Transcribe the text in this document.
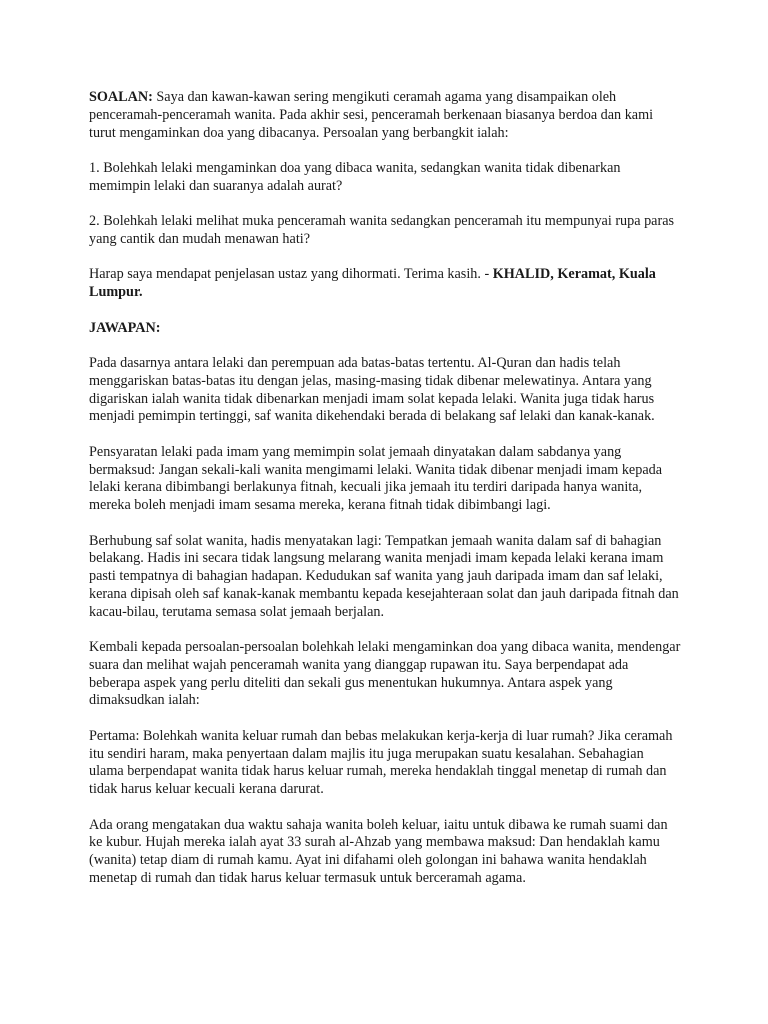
SOALAN: Saya dan kawan-kawan sering mengikuti ceramah agama yang disampaikan oleh penceramah-penceramah wanita. Pada akhir sesi, penceramah berkenaan biasanya berdoa dan kami turut mengaminkan doa yang dibacanya. Persoalan yang berbangkit ialah:

1. Bolehkah lelaki mengaminkan doa yang dibaca wanita, sedangkan wanita tidak dibenarkan memimpin lelaki dan suaranya adalah aurat?

2. Bolehkah lelaki melihat muka penceramah wanita sedangkan penceramah itu mempunyai rupa paras yang cantik dan mudah menawan hati?

Harap saya mendapat penjelasan ustaz yang dihormati. Terima kasih. - KHALID, Keramat, Kuala Lumpur.

JAWAPAN:

Pada dasarnya antara lelaki dan perempuan ada batas-batas tertentu. Al-Quran dan hadis telah menggariskan batas-batas itu dengan jelas, masing-masing tidak dibenar melewatinya. Antara yang digariskan ialah wanita tidak dibenarkan menjadi imam solat kepada lelaki. Wanita juga tidak harus menjadi pemimpin tertinggi, saf wanita dikehendaki berada di belakang saf lelaki dan kanak-kanak.

Pensyaratan lelaki pada imam yang memimpin solat jemaah dinyatakan dalam sabdanya yang bermaksud: Jangan sekali-kali wanita mengimami lelaki. Wanita tidak dibenar menjadi imam kepada lelaki kerana dibimbangi berlakunya fitnah, kecuali jika jemaah itu terdiri daripada hanya wanita, mereka boleh menjadi imam sesama mereka, kerana fitnah tidak dibimbangi lagi.

Berhubung saf solat wanita, hadis menyatakan lagi: Tempatkan jemaah wanita dalam saf di bahagian belakang. Hadis ini secara tidak langsung melarang wanita menjadi imam kepada lelaki kerana imam pasti tempatnya di bahagian hadapan. Kedudukan saf wanita yang jauh daripada imam dan saf lelaki, kerana dipisah oleh saf kanak-kanak membantu kepada kesejahteraan solat dan jauh daripada fitnah dan kacau-bilau, terutama semasa solat jemaah berjalan.

Kembali kepada persoalan-persoalan bolehkah lelaki mengaminkan doa yang dibaca wanita, mendengar suara dan melihat wajah penceramah wanita yang dianggap rupawan itu. Saya berpendapat ada beberapa aspek yang perlu diteliti dan sekali gus menentukan hukumnya. Antara aspek yang dimaksudkan ialah:

Pertama: Bolehkah wanita keluar rumah dan bebas melakukan kerja-kerja di luar rumah? Jika ceramah itu sendiri haram, maka penyertaan dalam majlis itu juga merupakan suatu kesalahan. Sebahagian ulama berpendapat wanita tidak harus keluar rumah, mereka hendaklah tinggal menetap di rumah dan tidak harus keluar kecuali kerana darurat.

Ada orang mengatakan dua waktu sahaja wanita boleh keluar, iaitu untuk dibawa ke rumah suami dan ke kubur. Hujah mereka ialah ayat 33 surah al-Ahzab yang membawa maksud: Dan hendaklah kamu (wanita) tetap diam di rumah kamu. Ayat ini difahami oleh golongan ini bahawa wanita hendaklah menetap di rumah dan tidak harus keluar termasuk untuk berceramah agama.
